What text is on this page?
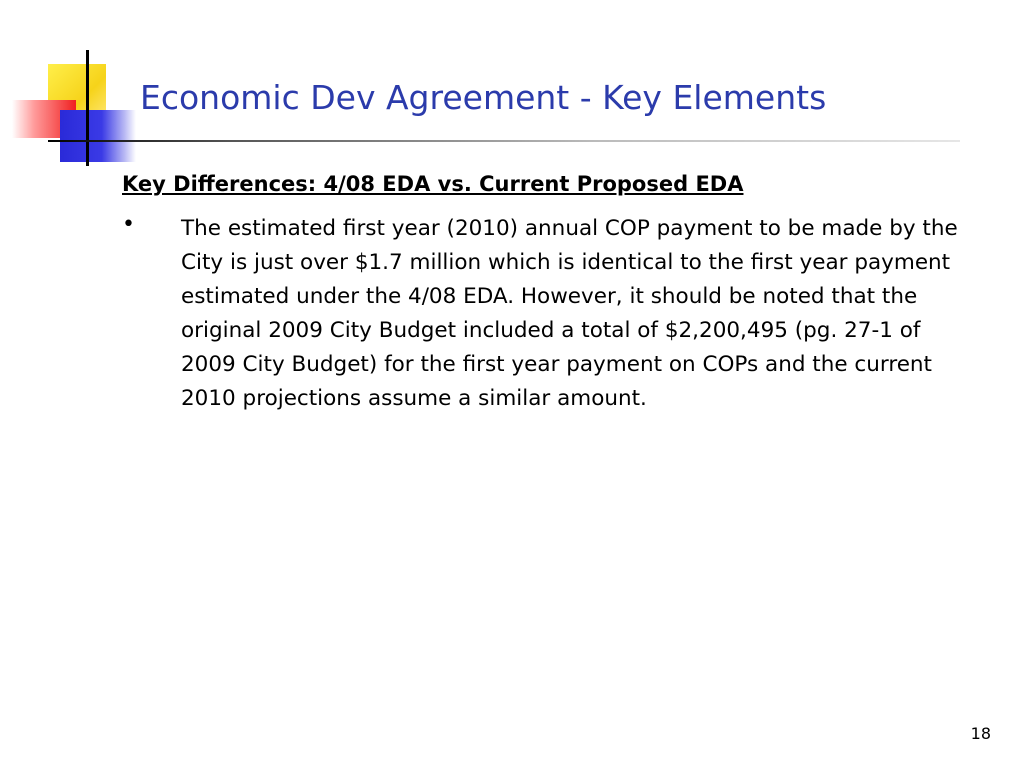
Economic Dev Agreement - Key Elements
Key Differences: 4/08 EDA vs. Current Proposed EDA
• The estimated first year (2010) annual COP payment to be made by the City is just over $1.7 million which is identical to the first year payment estimated under the 4/08 EDA. However, it should be noted that the original 2009 City Budget included a total of $2,200,495 (pg. 27-1 of 2009 City Budget) for the first year payment on COPs and the current 2010 projections assume a similar amount.
18
